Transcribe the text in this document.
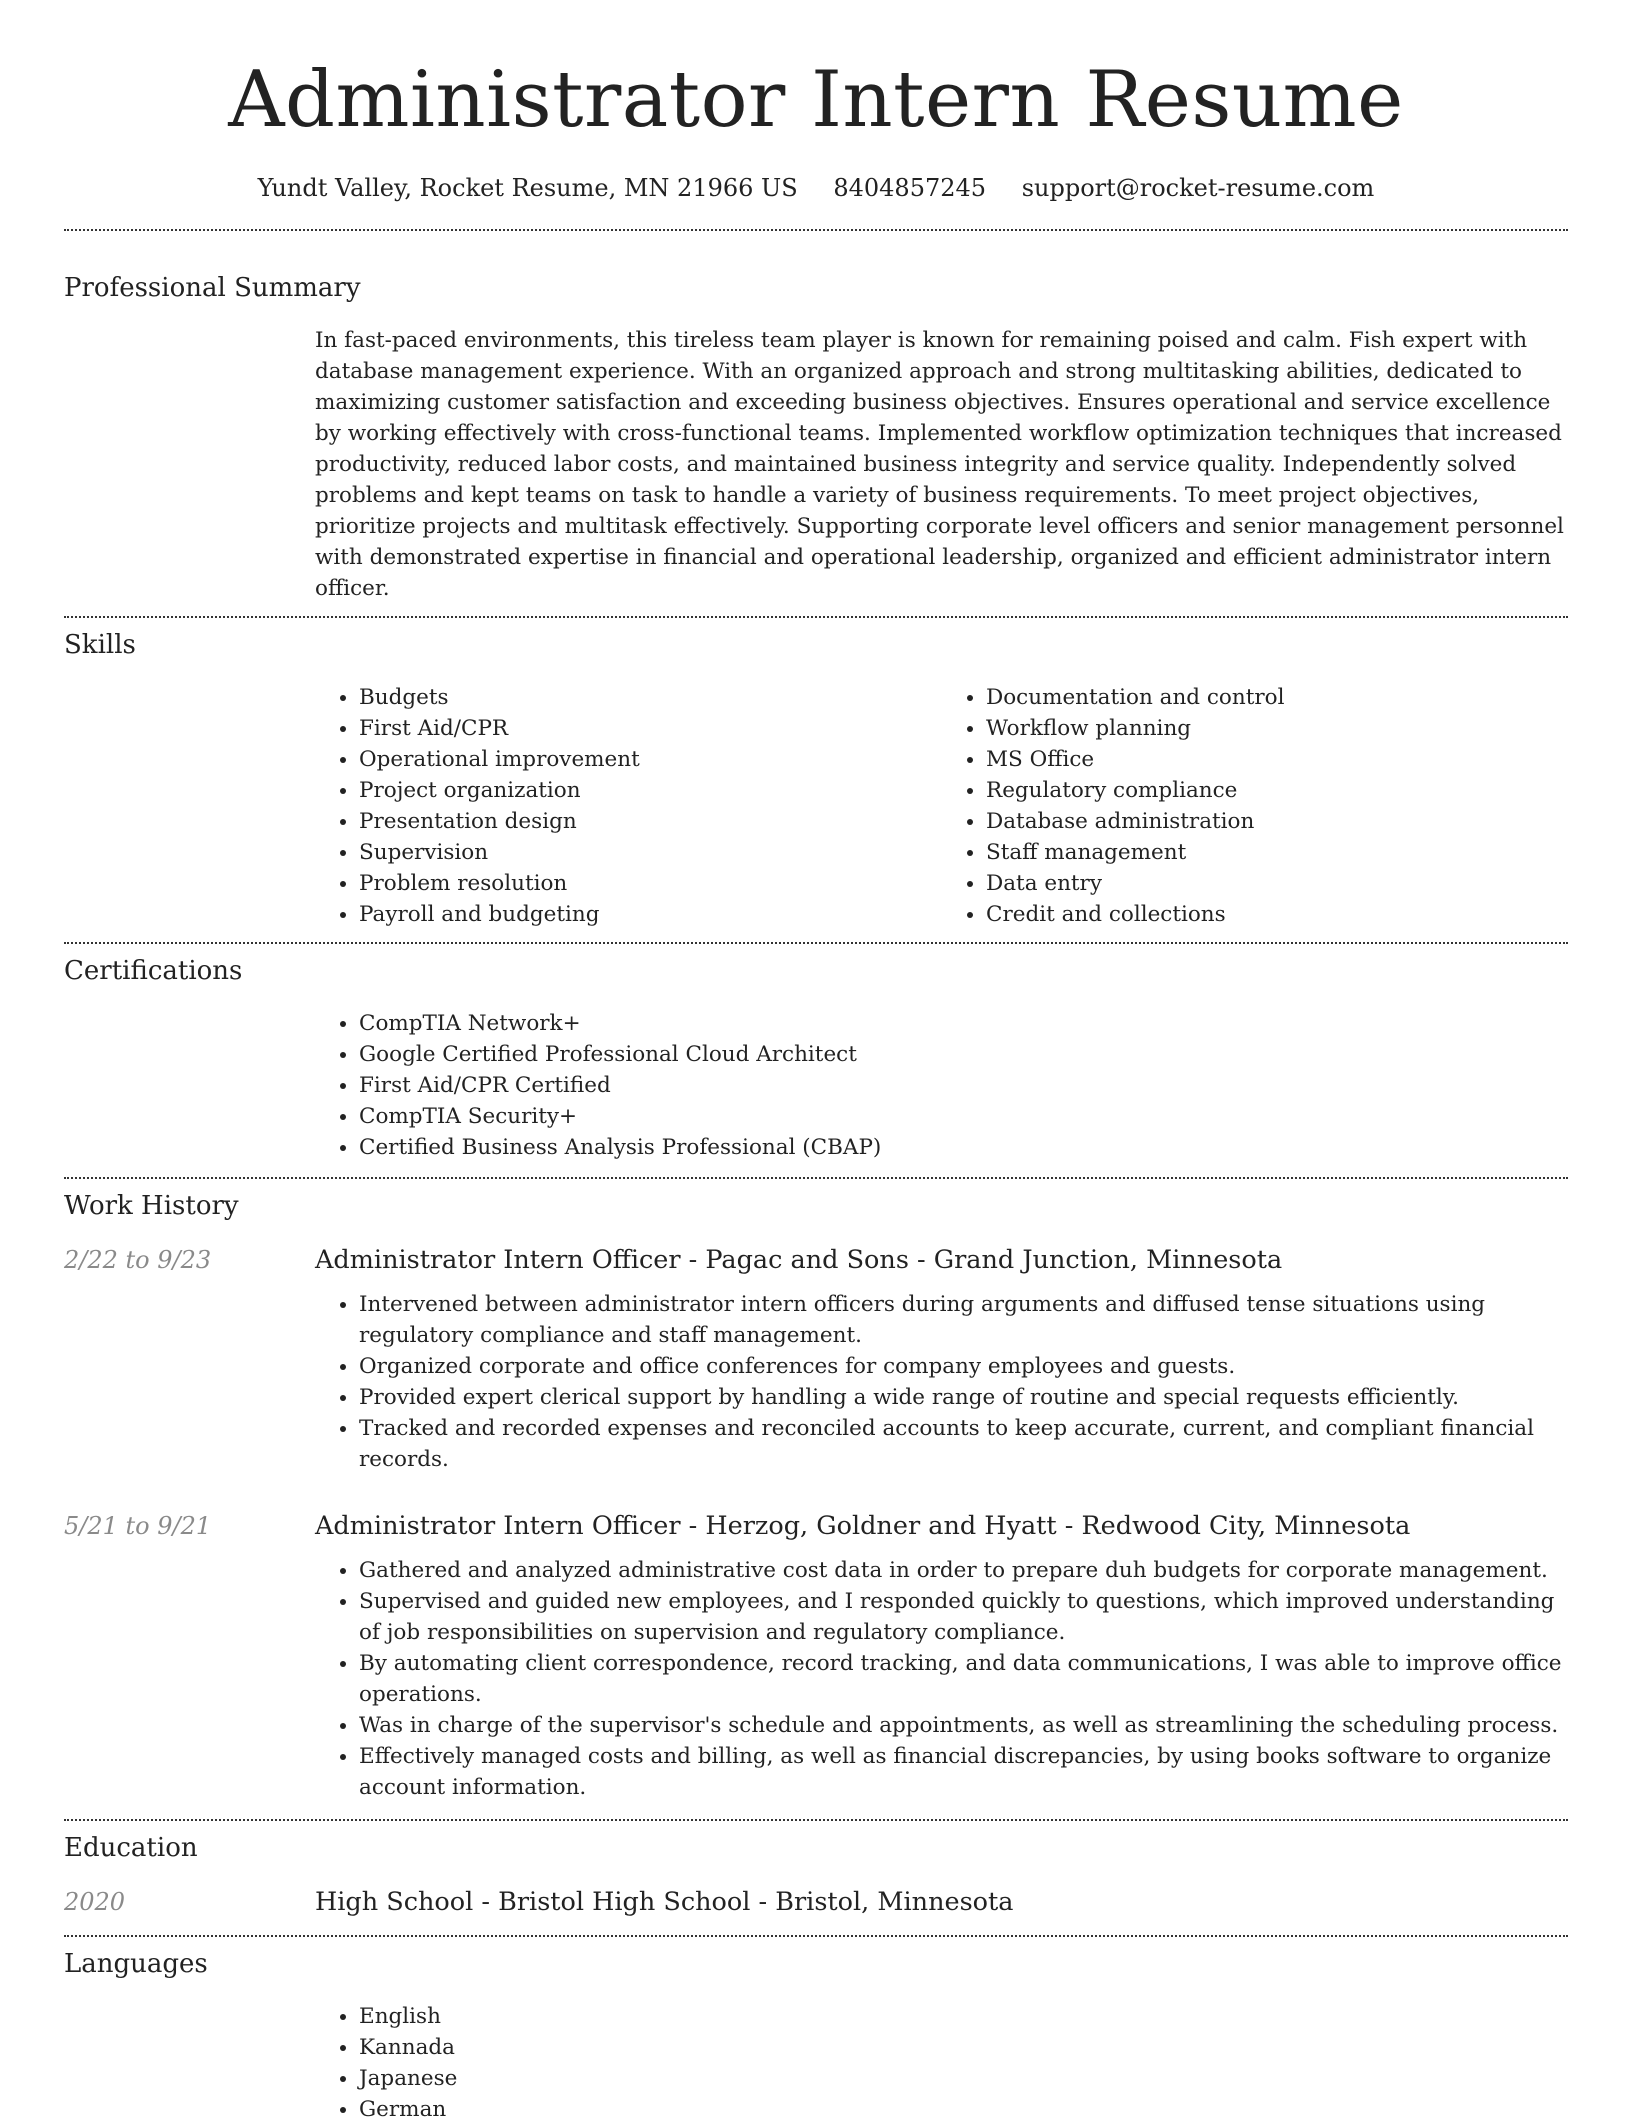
Administrator Intern Resume
Yundt Valley, Rocket Resume, MN 21966 US 8404857245 support@rocket-resume.com
Professional Summary

In fast-paced environments, this tireless team player is known for remaining poised and calm. Fish expert with database management experience. With an organized approach and strong multitasking abilities, dedicated to maximizing customer satisfaction and exceeding business objectives. Ensures operational and service excellence by working effectively with cross-functional teams. Implemented workflow optimization techniques that increased productivity, reduced labor costs, and maintained business integrity and service quality. Independently solved problems and kept teams on task to handle a variety of business requirements. To meet project objectives, prioritize projects and multitask effectively. Supporting corporate level officers and senior management personnel with demonstrated expertise in financial and operational leadership, organized and efficient administrator intern officer.

Skills
• Budgets
• First Aid/CPR
• Operational improvement
• Project organization
• Presentation design
• Supervision
• Problem resolution
• Payroll and budgeting
• Documentation and control
• Workflow planning
• MS Office
• Regulatory compliance
• Database administration
• Staff management
• Data entry
• Credit and collections
Certifications
• CompTIA Network+
• Google Certified Professional Cloud Architect
• First Aid/CPR Certified
• CompTIA Security+
• Certified Business Analysis Professional (CBAP)
Work History
2/22 to 9/23	Administrator Intern Officer - Pagac and Sons - Grand Junction, Minnesota
• Intervened between administrator intern officers during arguments and diffused tense situations using regulatory compliance and staff management.
• Organized corporate and office conferences for company employees and guests.
• Provided expert clerical support by handling a wide range of routine and special requests efficiently.
• Tracked and recorded expenses and reconciled accounts to keep accurate, current, and compliant financial records.
5/21 to 9/21	Administrator Intern Officer - Herzog, Goldner and Hyatt - Redwood City, Minnesota
• Gathered and analyzed administrative cost data in order to prepare duh budgets for corporate management.
• Supervised and guided new employees, and I responded quickly to questions, which improved understanding of job responsibilities on supervision and regulatory compliance.
• By automating client correspondence, record tracking, and data communications, I was able to improve office operations.
• Was in charge of the supervisor's schedule and appointments, as well as streamlining the scheduling process.
• Effectively managed costs and billing, as well as financial discrepancies, by using books software to organize account information.
Education
2020	High School - Bristol High School - Bristol, Minnesota
Languages
• English
• Kannada
• Japanese
• German
